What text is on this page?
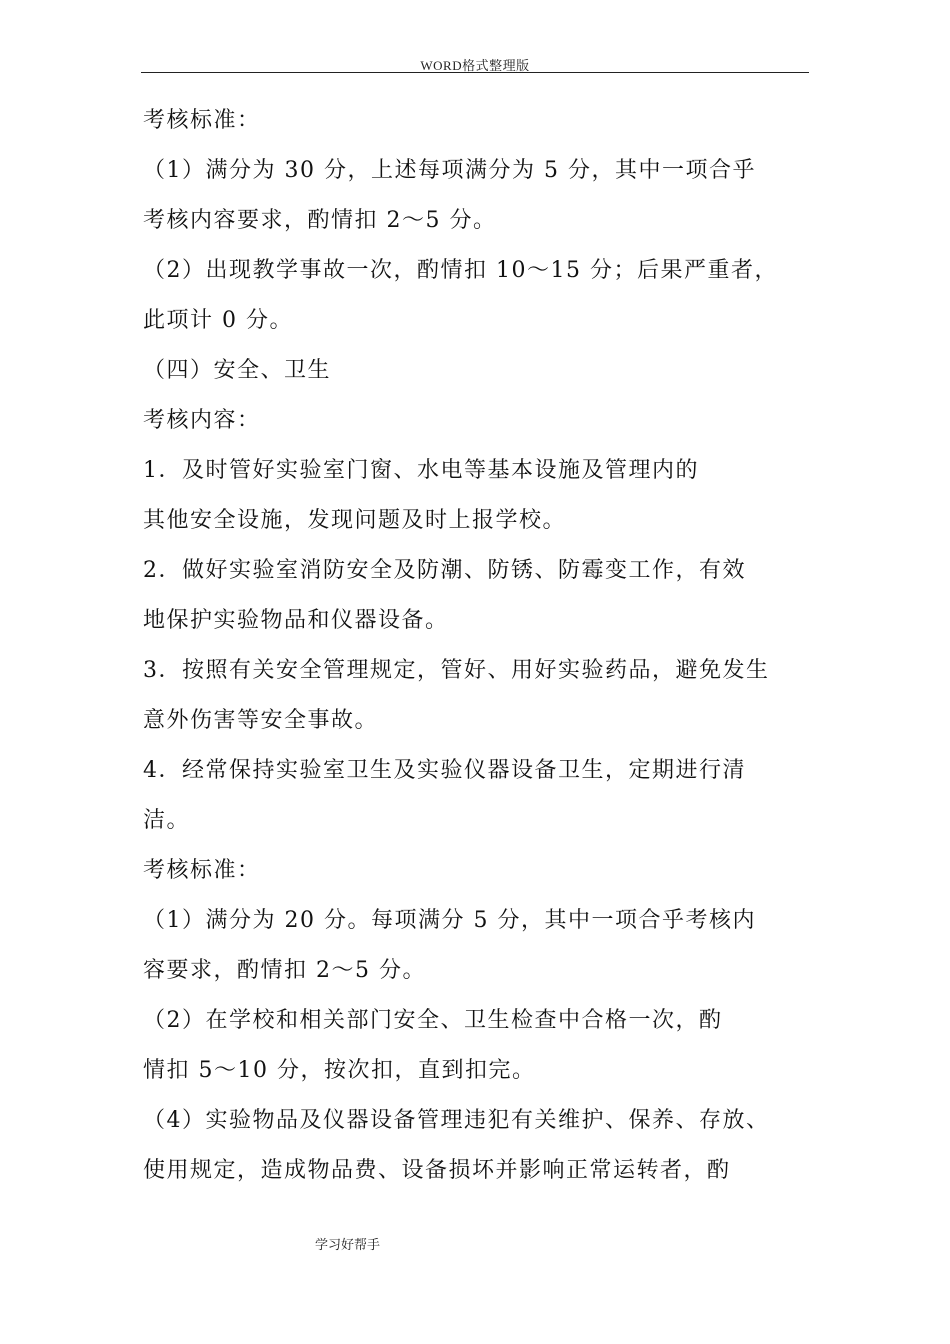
WORD格式整理版
考核标准：
（1）满分为 30 分，上述每项满分为 5 分，其中一项合乎
考核内容要求，酌情扣 2～5 分。
（2）出现教学事故一次，酌情扣 10～15 分；后果严重者，
此项计 0 分。
（四）安全、卫生
考核内容：
1．及时管好实验室门窗、水电等基本设施及管理内的
其他安全设施，发现问题及时上报学校。
2．做好实验室消防安全及防潮、防锈、防霉变工作，有效
地保护实验物品和仪器设备。
3．按照有关安全管理规定，管好、用好实验药品，避免发生
意外伤害等安全事故。
4．经常保持实验室卫生及实验仪器设备卫生，定期进行清
洁。
考核标准：
（1）满分为 20 分。每项满分 5 分，其中一项合乎考核内
容要求，酌情扣 2～5 分。
（2）在学校和相关部门安全、卫生检查中合格一次，酌
情扣 5～10 分，按次扣，直到扣完。
（4）实验物品及仪器设备管理违犯有关维护、保养、存放、
使用规定，造成物品费、设备损坏并影响正常运转者，酌
学习好帮手
